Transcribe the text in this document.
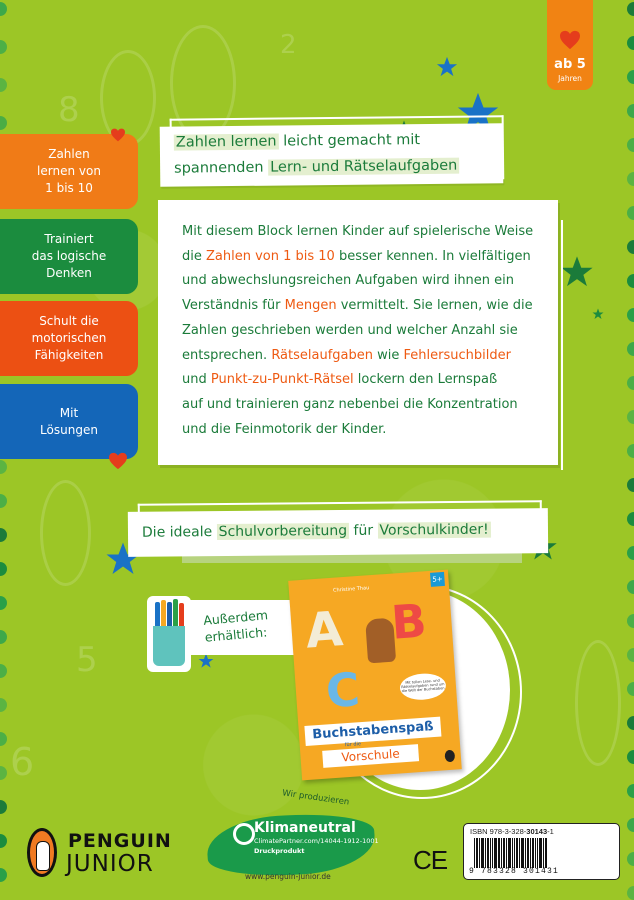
8
2
5
6
ab 5
Jahren
Zahlen
lernen von
1 bis 10
Trainiert
das logische
Denken
Schult die
motorischen
Fähigkeiten
Mit
Lösungen
Zahlen lernen leicht gemacht mit
spannenden Lern- und Rätselaufgaben

Mit diesem Block lernen Kinder auf spielerische Weise

die Zahlen von 1 bis 10 besser kennen. In vielfältigen

und abwechslungsreichen Aufgaben wird ihnen ein

Verständnis für Mengen vermittelt. Sie lernen, wie die

Zahlen geschrieben werden und welcher Anzahl sie

entsprechen. Rätselaufgaben wie Fehlersuchbilder

und Punkt-zu-Punkt-Rätsel lockern den Lernspaß

auf und trainieren ganz nebenbei die Konzentration

und die Feinmotorik der Kinder.

Die ideale Schulvorbereitung für Vorschulkinder!
Außerdem
erhältlich:
Christine Thau
5+
A B
C	Mit tollen Lese- und Rätselaufgaben rund um die Welt der Buchstaben
Buchstabenspaß
für die
Vorschule
PENGUIN
JUNIOR
Wir produzieren
Klimaneutral
ClimatePartner.com/14044-1912-1001
Druckprodukt
www.penguin-junior.de
CE
ISBN 978-3-328-30143-1
9 783328 301431
